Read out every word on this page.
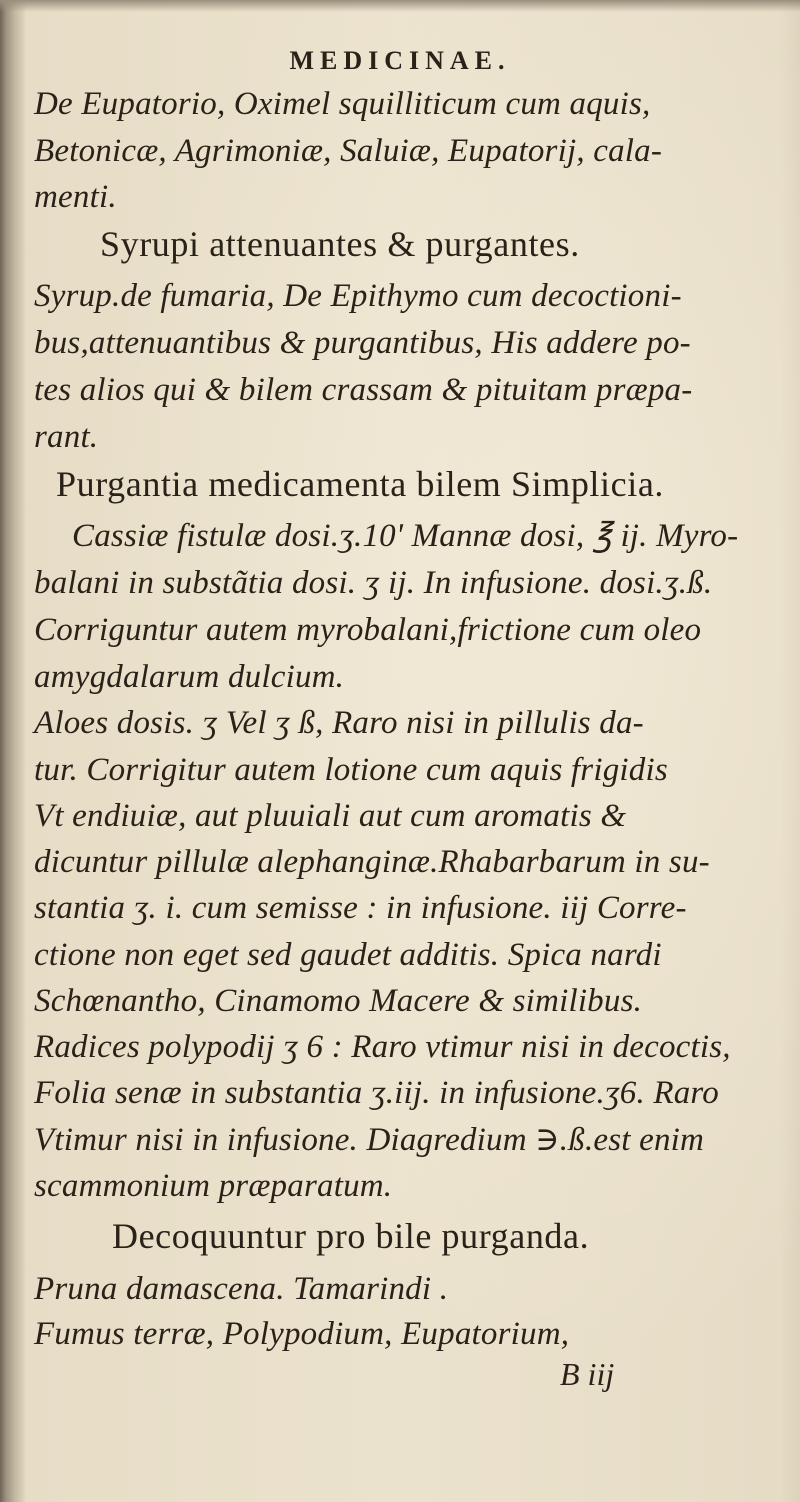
MEDICINAE.
De Eupatorio, Oximel squilliticum cum aquis,
Betonicæ, Agrimoniæ, Saluiæ, Eupatorij, cala-
menti.
Syrupi attenuantes & purgantes.
Syrup.de fumaria, De Epithymo cum decoctioni-
bus,attenuantibus & purgantibus, His addere po-
tes alios qui & bilem crassam & pituitam præpa-
rant.
Purgantia medicamenta bilem Simplicia.
Cassiæ fistulæ dosi.ʒ.10ʹ Mannæ dosi, ℥ ij. Myro-
balani in substãtia dosi. ʒ ij. In infusione. dosi.ʒ.ß.
Corriguntur autem myrobalani,frictione cum oleo
amygdalarum dulcium.
Aloes dosis. ʒ Vel ʒ ß, Raro nisi in pillulis da-
tur. Corrigitur autem lotione cum aquis frigidis
Vt endiuiæ, aut pluuiali aut cum aromatis &
dicuntur pillulæ alephanginæ.Rhabarbarum in su-
stantia ʒ. i. cum semisse : in infusione. iij Corre-
ctione non eget sed gaudet additis. Spica nardi
Schœnantho, Cinamomo Macere & similibus.
Radices polypodij ʒ 6 : Raro vtimur nisi in decoctis,
Folia senæ in substantia ʒ.iij. in infusione.ʒ6. Raro
Vtimur nisi in infusione. Diagredium ∋.ß.est enim
scammonium præparatum.
Decoquuntur pro bile purganda.
Pruna damascena. Tamarindi .
Fumus terræ, Polypodium, Eupatorium,
B iij
